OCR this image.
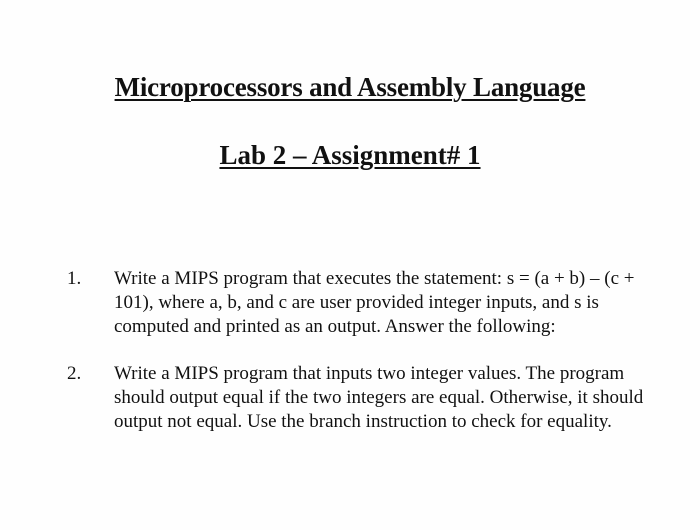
Microprocessors and Assembly Language
Lab 2 – Assignment# 1
1. Write a MIPS program that executes the statement: s = (a + b) – (c + 101), where a, b, and c are user provided integer inputs, and s is computed and printed as an output. Answer the following:

2. Write a MIPS program that inputs two integer values. The program should output equal if the two integers are equal. Otherwise, it should output not equal. Use the branch instruction to check for equality.
